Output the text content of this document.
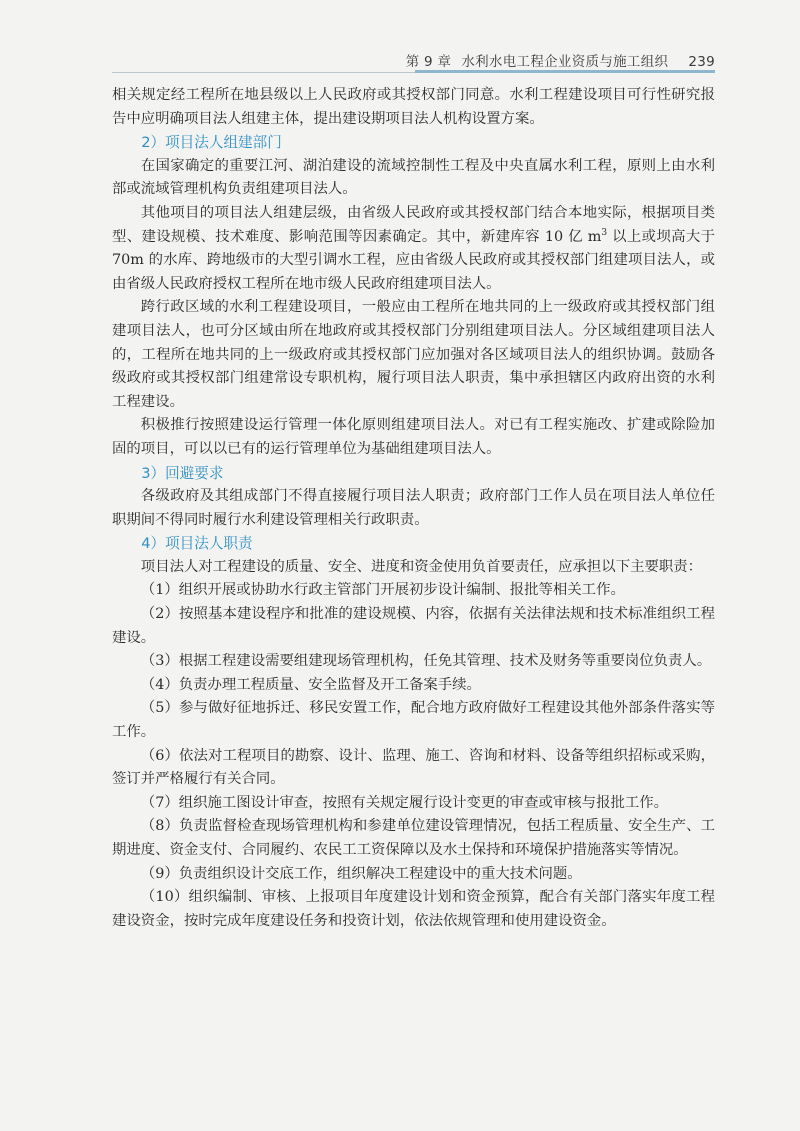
第 9 章 水利水电工程企业资质与施工组织 239

相关规定经工程所在地县级以上人民政府或其授权部门同意。水利工程建设项目可行性研究报告中应明确项目法人组建主体，提出建设期项目法人机构设置方案。

2）项目法人组建部门

在国家确定的重要江河、湖泊建设的流域控制性工程及中央直属水利工程，原则上由水利部或流域管理机构负责组建项目法人。

其他项目的项目法人组建层级，由省级人民政府或其授权部门结合本地实际，根据项目类型、建设规模、技术难度、影响范围等因素确定。其中，新建库容 10 亿 $m^3$ 以上或坝高大于 70m 的水库、跨地级市的大型引调水工程，应由省级人民政府或其授权部门组建项目法人，或由省级人民政府授权工程所在地市级人民政府组建项目法人。

跨行政区域的水利工程建设项目，一般应由工程所在地共同的上一级政府或其授权部门组建项目法人，也可分区域由所在地政府或其授权部门分别组建项目法人。分区域组建项目法人的，工程所在地共同的上一级政府或其授权部门应加强对各区域项目法人的组织协调。鼓励各级政府或其授权部门组建常设专职机构，履行项目法人职责，集中承担辖区内政府出资的水利工程建设。

积极推行按照建设运行管理一体化原则组建项目法人。对已有工程实施改、扩建或除险加固的项目，可以以已有的运行管理单位为基础组建项目法人。

3）回避要求

各级政府及其组成部门不得直接履行项目法人职责；政府部门工作人员在项目法人单位任职期间不得同时履行水利建设管理相关行政职责。

4）项目法人职责

项目法人对工程建设的质量、安全、进度和资金使用负首要责任，应承担以下主要职责：

（1）组织开展或协助水行政主管部门开展初步设计编制、报批等相关工作。

（2）按照基本建设程序和批准的建设规模、内容，依据有关法律法规和技术标准组织工程建设。

（3）根据工程建设需要组建现场管理机构，任免其管理、技术及财务等重要岗位负责人。

（4）负责办理工程质量、安全监督及开工备案手续。

（5）参与做好征地拆迁、移民安置工作，配合地方政府做好工程建设其他外部条件落实等工作。

（6）依法对工程项目的勘察、设计、监理、施工、咨询和材料、设备等组织招标或采购，签订并严格履行有关合同。

（7）组织施工图设计审查，按照有关规定履行设计变更的审查或审核与报批工作。

（8）负责监督检查现场管理机构和参建单位建设管理情况，包括工程质量、安全生产、工期进度、资金支付、合同履约、农民工工资保障以及水土保持和环境保护措施落实等情况。

（9）负责组织设计交底工作，组织解决工程建设中的重大技术问题。

（10）组织编制、审核、上报项目年度建设计划和资金预算，配合有关部门落实年度工程建设资金，按时完成年度建设任务和投资计划，依法依规管理和使用建设资金。
